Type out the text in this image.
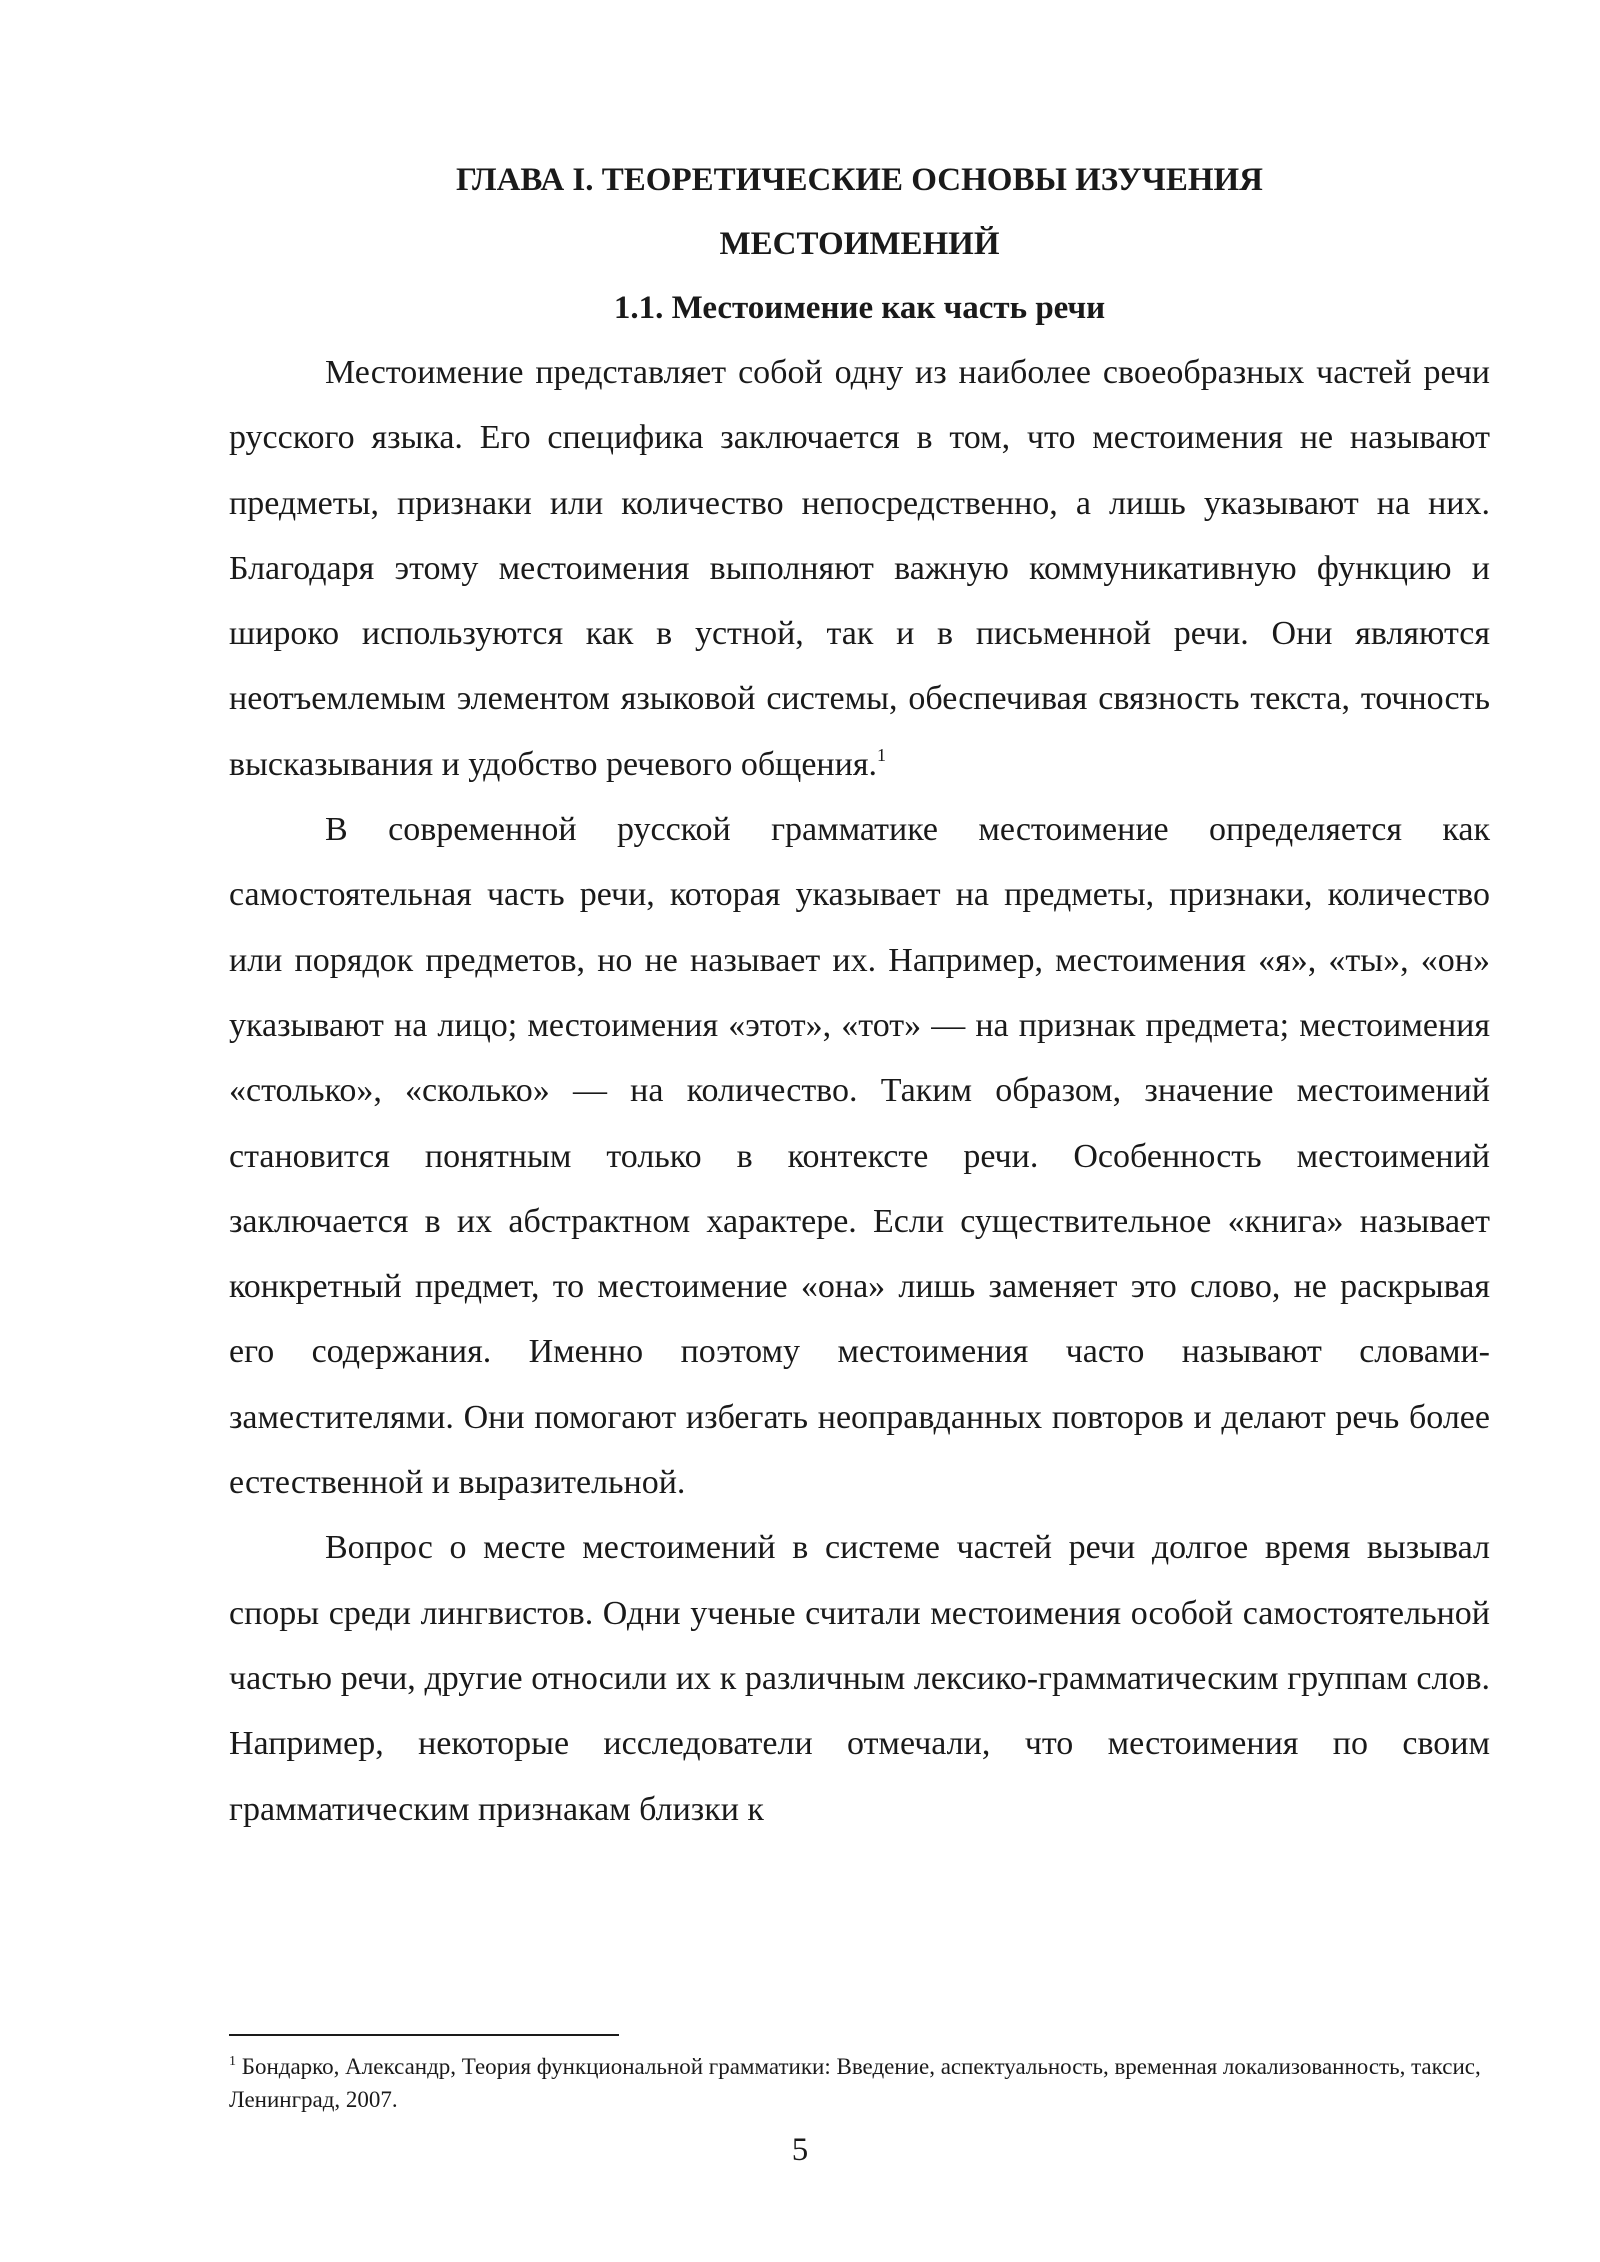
ГЛАВА I. ТЕОРЕТИЧЕСКИЕ ОСНОВЫ ИЗУЧЕНИЯ

МЕСТОИМЕНИЙ

1.1. Местоимение как часть речи

Местоимение представляет собой одну из наиболее своеобразных частей речи русского языка. Его специфика заключается в том, что местоимения не называют предметы, признаки или количество непосредственно, а лишь указывают на них. Благодаря этому местоимения выполняют важную коммуникативную функцию и широко используются как в устной, так и в письменной речи. Они являются неотъемлемым элементом языковой системы, обеспечивая связность текста, точность высказывания и удобство речевого общения.$^1$

В современной русской грамматике местоимение определяется как самостоятельная часть речи, которая указывает на предметы, признаки, количество или порядок предметов, но не называет их. Например, местоимения «я», «ты», «он» указывают на лицо; местоимения «этот», «тот» — на признак предмета; местоимения «столько», «сколько» — на количество. Таким образом, значение местоимений становится понятным только в контексте речи. Особенность местоимений заключается в их абстрактном характере. Если существительное «книга» называет конкретный предмет, то местоимение «она» лишь заменяет это слово, не раскрывая его содержания. Именно поэтому местоимения часто называют словами-заместителями. Они помогают избегать неоправданных повторов и делают речь более естественной и выразительной.

Вопрос о месте местоимений в системе частей речи долгое время вызывал споры среди лингвистов. Одни ученые считали местоимения особой самостоятельной частью речи, другие относили их к различным лексико-грамматическим группам слов. Например, некоторые исследователи отмечали, что местоимения по своим грамматическим признакам близки к

$^1$ Бондарко, Александр, Теория функциональной грамматики: Введение, аспектуальность, временная локализованность, таксис, Ленинград, 2007.

5
